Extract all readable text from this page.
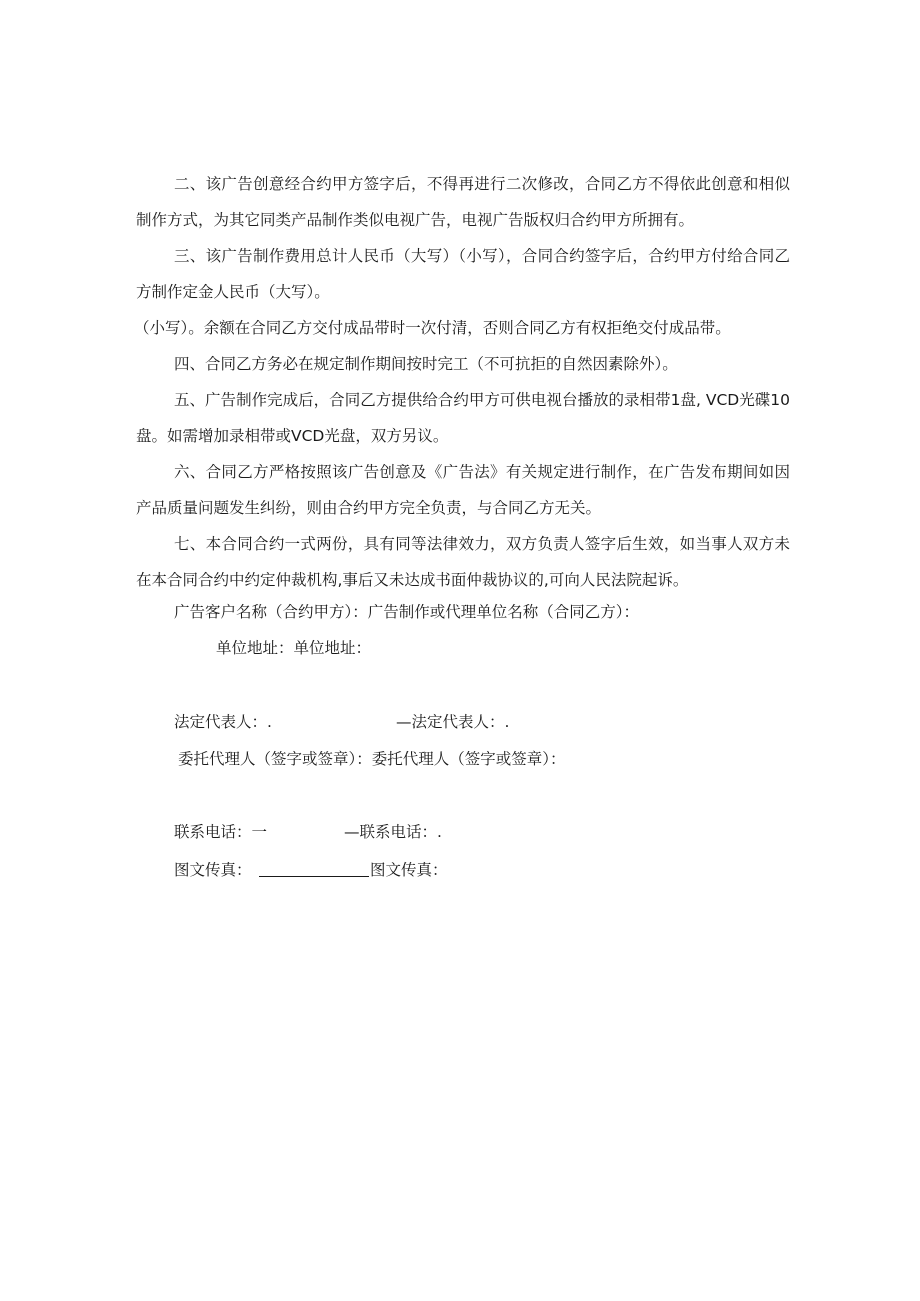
二、该广告创意经合约甲方签字后，不得再进行二次修改，合同乙方不得依此创意和相似制作方式，为其它同类产品制作类似电视广告，电视广告版权归合约甲方所拥有。

三、该广告制作费用总计人民币（大写）（小写），合同合约签字后，合约甲方付给合同乙方制作定金人民币（大写）。

（小写）。余额在合同乙方交付成品带时一次付清，否则合同乙方有权拒绝交付成品带。

四、合同乙方务必在规定制作期间按时完工（不可抗拒的自然因素除外）。

五、广告制作完成后，合同乙方提供给合约甲方可供电视台播放的录相带1盘, VCD光碟10盘。如需增加录相带或VCD光盘，双方另议。

六、合同乙方严格按照该广告创意及《广告法》有关规定进行制作，在广告发布期间如因产品质量问题发生纠纷，则由合约甲方完全负责，与合同乙方无关。

七、本合同合约一式两份，具有同等法律效力，双方负责人签字后生效，如当事人双方未在本合同合约中约定仲裁机构,事后又未达成书面仲裁协议的,可向人民法院起诉。

广告客户名称（合约甲方）：广告制作或代理单位名称（合同乙方）：

单位地址：单位地址：

法定代表人：.	—法定代表人：.

委托代理人（签字或签章）：委托代理人（签字或签章）：

联系电话：一	—联系电话：.

图文传真：	图文传真：
